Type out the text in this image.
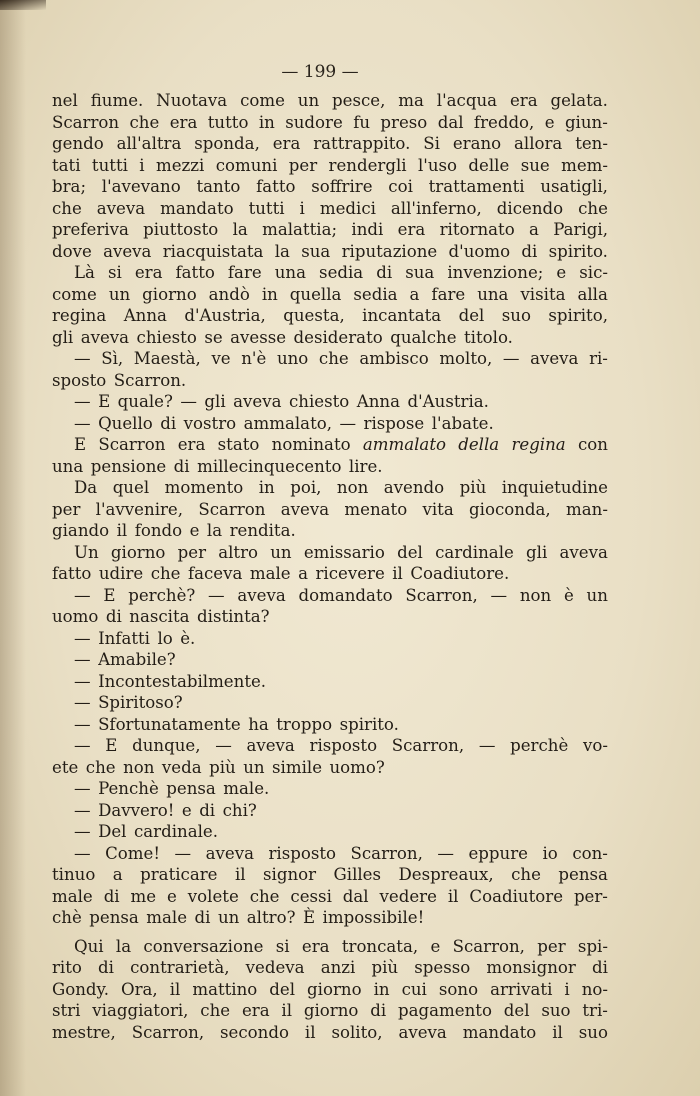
— 199 —
nel fiume. Nuotava come un pesce, ma l'acqua era gelata.
Scarron che era tutto in sudore fu preso dal freddo, e giun-
gendo all'altra sponda, era rattrappito. Si erano allora ten-
tati tutti i mezzi comuni per rendergli l'uso delle sue mem-
bra; l'avevano tanto fatto soffrire coi trattamenti usatigli,
che aveva mandato tutti i medici all'inferno, dicendo che
preferiva piuttosto la malattia; indi era ritornato a Parigi,
dove aveva riacquistata la sua riputazione d'uomo di spirito.
Là si era fatto fare una sedia di sua invenzione; e sic-
come un giorno andò in quella sedia a fare una visita alla
regina Anna d'Austria, questa, incantata del suo spirito,
gli aveva chiesto se avesse desiderato qualche titolo.
— Sì, Maestà, ve n'è uno che ambisco molto, — aveva ri-
sposto Scarron.
— E quale? — gli aveva chiesto Anna d'Austria.
— Quello di vostro ammalato, — rispose l'abate.
E Scarron era stato nominato ammalato della regina con
una pensione di millecinquecento lire.
Da quel momento in poi, non avendo più inquietudine
per l'avvenire, Scarron aveva menato vita gioconda, man-
giando il fondo e la rendita.
Un giorno per altro un emissario del cardinale gli aveva
fatto udire che faceva male a ricevere il Coadiutore.
— E perchè? — aveva domandato Scarron, — non è un
uomo di nascita distinta?
— Infatti lo è.
— Amabile?
— Incontestabilmente.
— Spiritoso?
— Sfortunatamente ha troppo spirito.
— E dunque, — aveva risposto Scarron, — perchè vo-
ete che non veda più un simile uomo?
— Penchè pensa male.
— Davvero! e di chi?
— Del cardinale.
— Come! — aveva risposto Scarron, — eppure io con-
tinuo a praticare il signor Gilles Despreaux, che pensa
male di me e volete che cessi dal vedere il Coadiutore per-
chè pensa male di un altro? È impossibile!
Qui la conversazione si era troncata, e Scarron, per spi-
rito di contrarietà, vedeva anzi più spesso monsignor di
Gondy. Ora, il mattino del giorno in cui sono arrivati i no-
stri viaggiatori, che era il giorno di pagamento del suo tri-
mestre, Scarron, secondo il solito, aveva mandato il suo
